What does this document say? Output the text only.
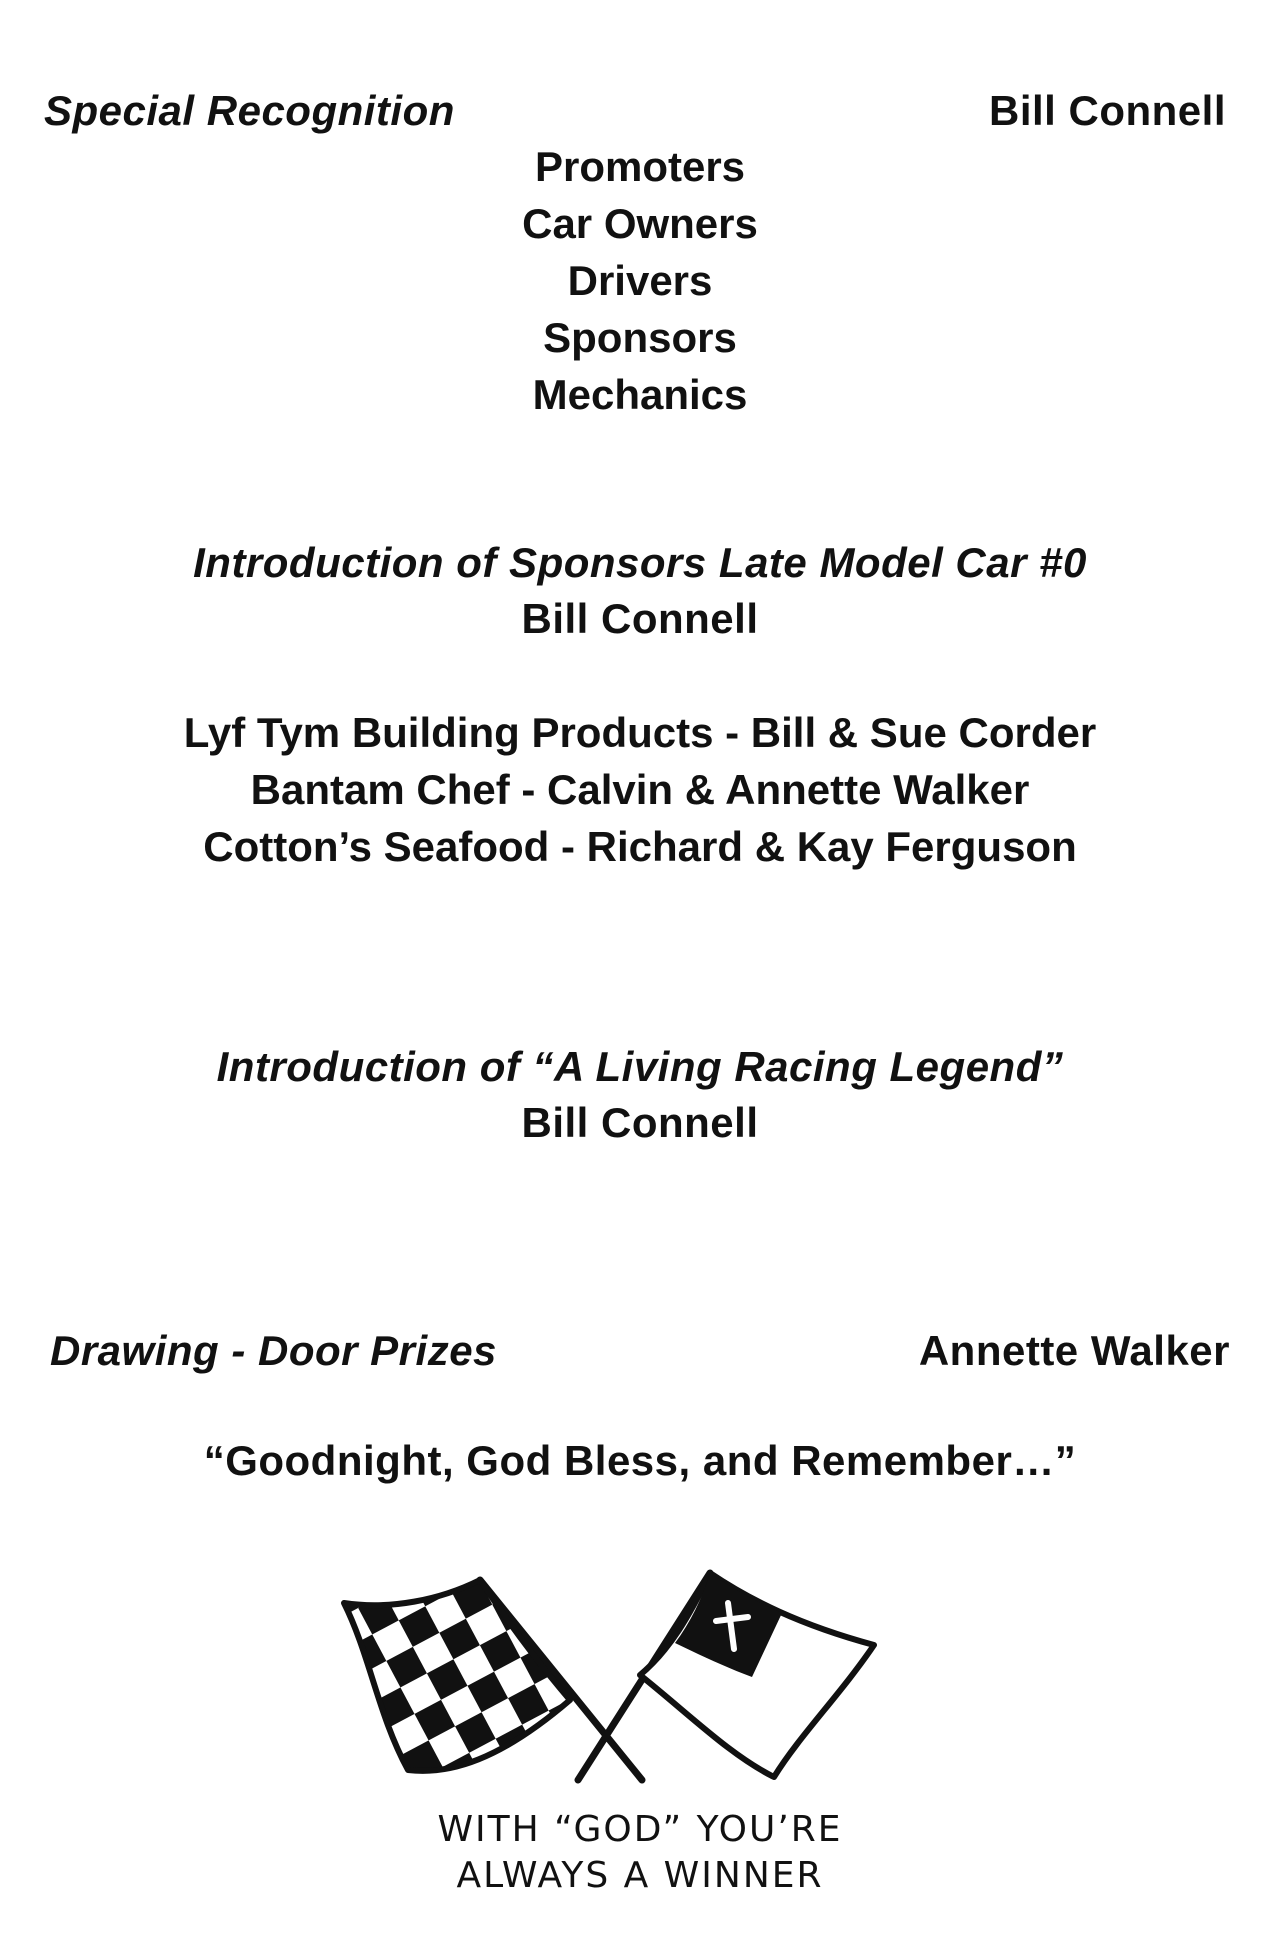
Special Recognition	Bill Connell
Promoters
Car Owners
Drivers
Sponsors
Mechanics
Introduction of Sponsors Late Model Car #0
Bill Connell
Lyf Tym Building Products - Bill & Sue Corder
Bantam Chef - Calvin & Annette Walker
Cotton’s Seafood - Richard & Kay Ferguson
Introduction of “A Living Racing Legend”
Bill Connell
Drawing - Door Prizes	Annette Walker
“Goodnight, God Bless, and Remember…”
WITH “GOD” YOU’RE
ALWAYS A WINNER
